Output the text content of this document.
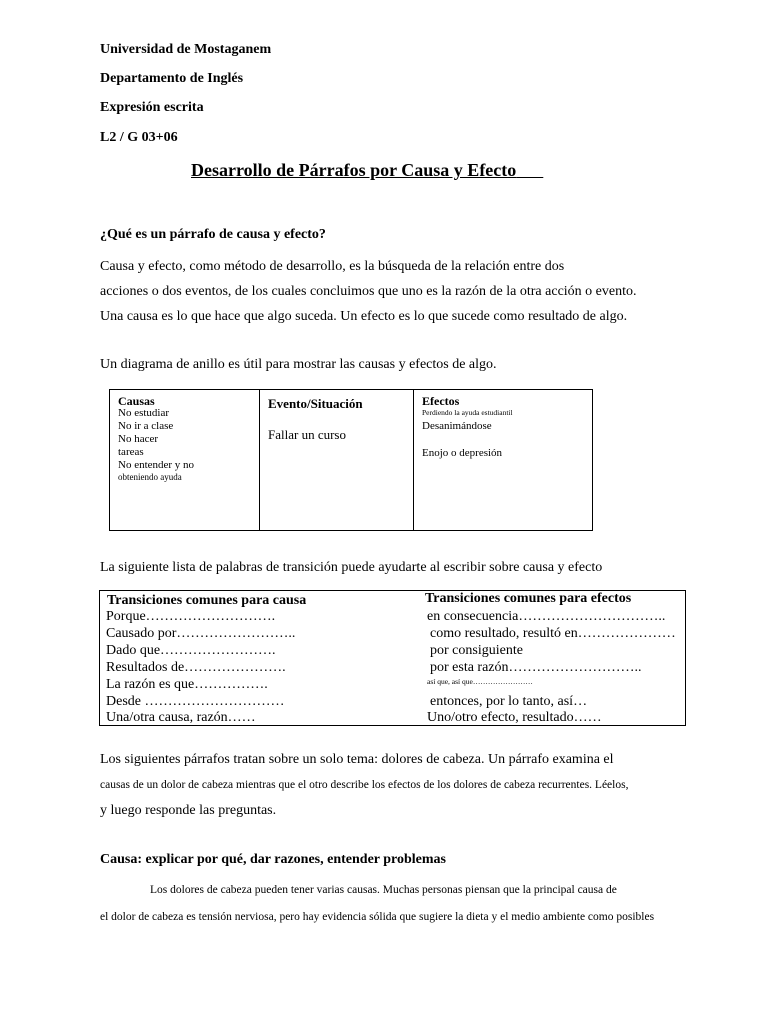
Universidad de Mostaganem
Departamento de Inglés
Expresión escrita
L2 / G 03+06
Desarrollo de Párrafos por Causa y Efecto
¿Qué es un párrafo de causa y efecto?
Causa y efecto, como método de desarrollo, es la búsqueda de la relación entre dos
acciones o dos eventos, de los cuales concluimos que uno es la razón de la otra acción o evento.
Una causa es lo que hace que algo suceda. Un efecto es lo que sucede como resultado de algo.
Un diagrama de anillo es útil para mostrar las causas y efectos de algo.
Causas
No estudiar
No ir a clase
No hacer
tareas
No entender y no
obteniendo ayuda
Evento/Situación
Fallar un curso
Efectos
Perdiendo la ayuda estudiantil
Desanimándose
Enojo o depresión
La siguiente lista de palabras de transición puede ayudarte al escribir sobre causa y efecto
Transiciones comunes para causa	Transiciones comunes para efectos
Porque……………………….
Causado por……………………..
Dado que…………………….
Resultados de………………….
La razón es que…………….
Desde …………………………
Una/otra causa, razón……
en consecuencia…………………………..
como resultado, resultó en…………………
por consiguiente
por esta razón………………………..
así que, así que……………………
entonces, por lo tanto, así…
Uno/otro efecto, resultado……
Los siguientes párrafos tratan sobre un solo tema: dolores de cabeza. Un párrafo examina el
causas de un dolor de cabeza mientras que el otro describe los efectos de los dolores de cabeza recurrentes. Léelos,
y luego responde las preguntas.
Causa: explicar por qué, dar razones, entender problemas
Los dolores de cabeza pueden tener varias causas. Muchas personas piensan que la principal causa de
el dolor de cabeza es tensión nerviosa, pero hay evidencia sólida que sugiere la dieta y el medio ambiente como posibles
